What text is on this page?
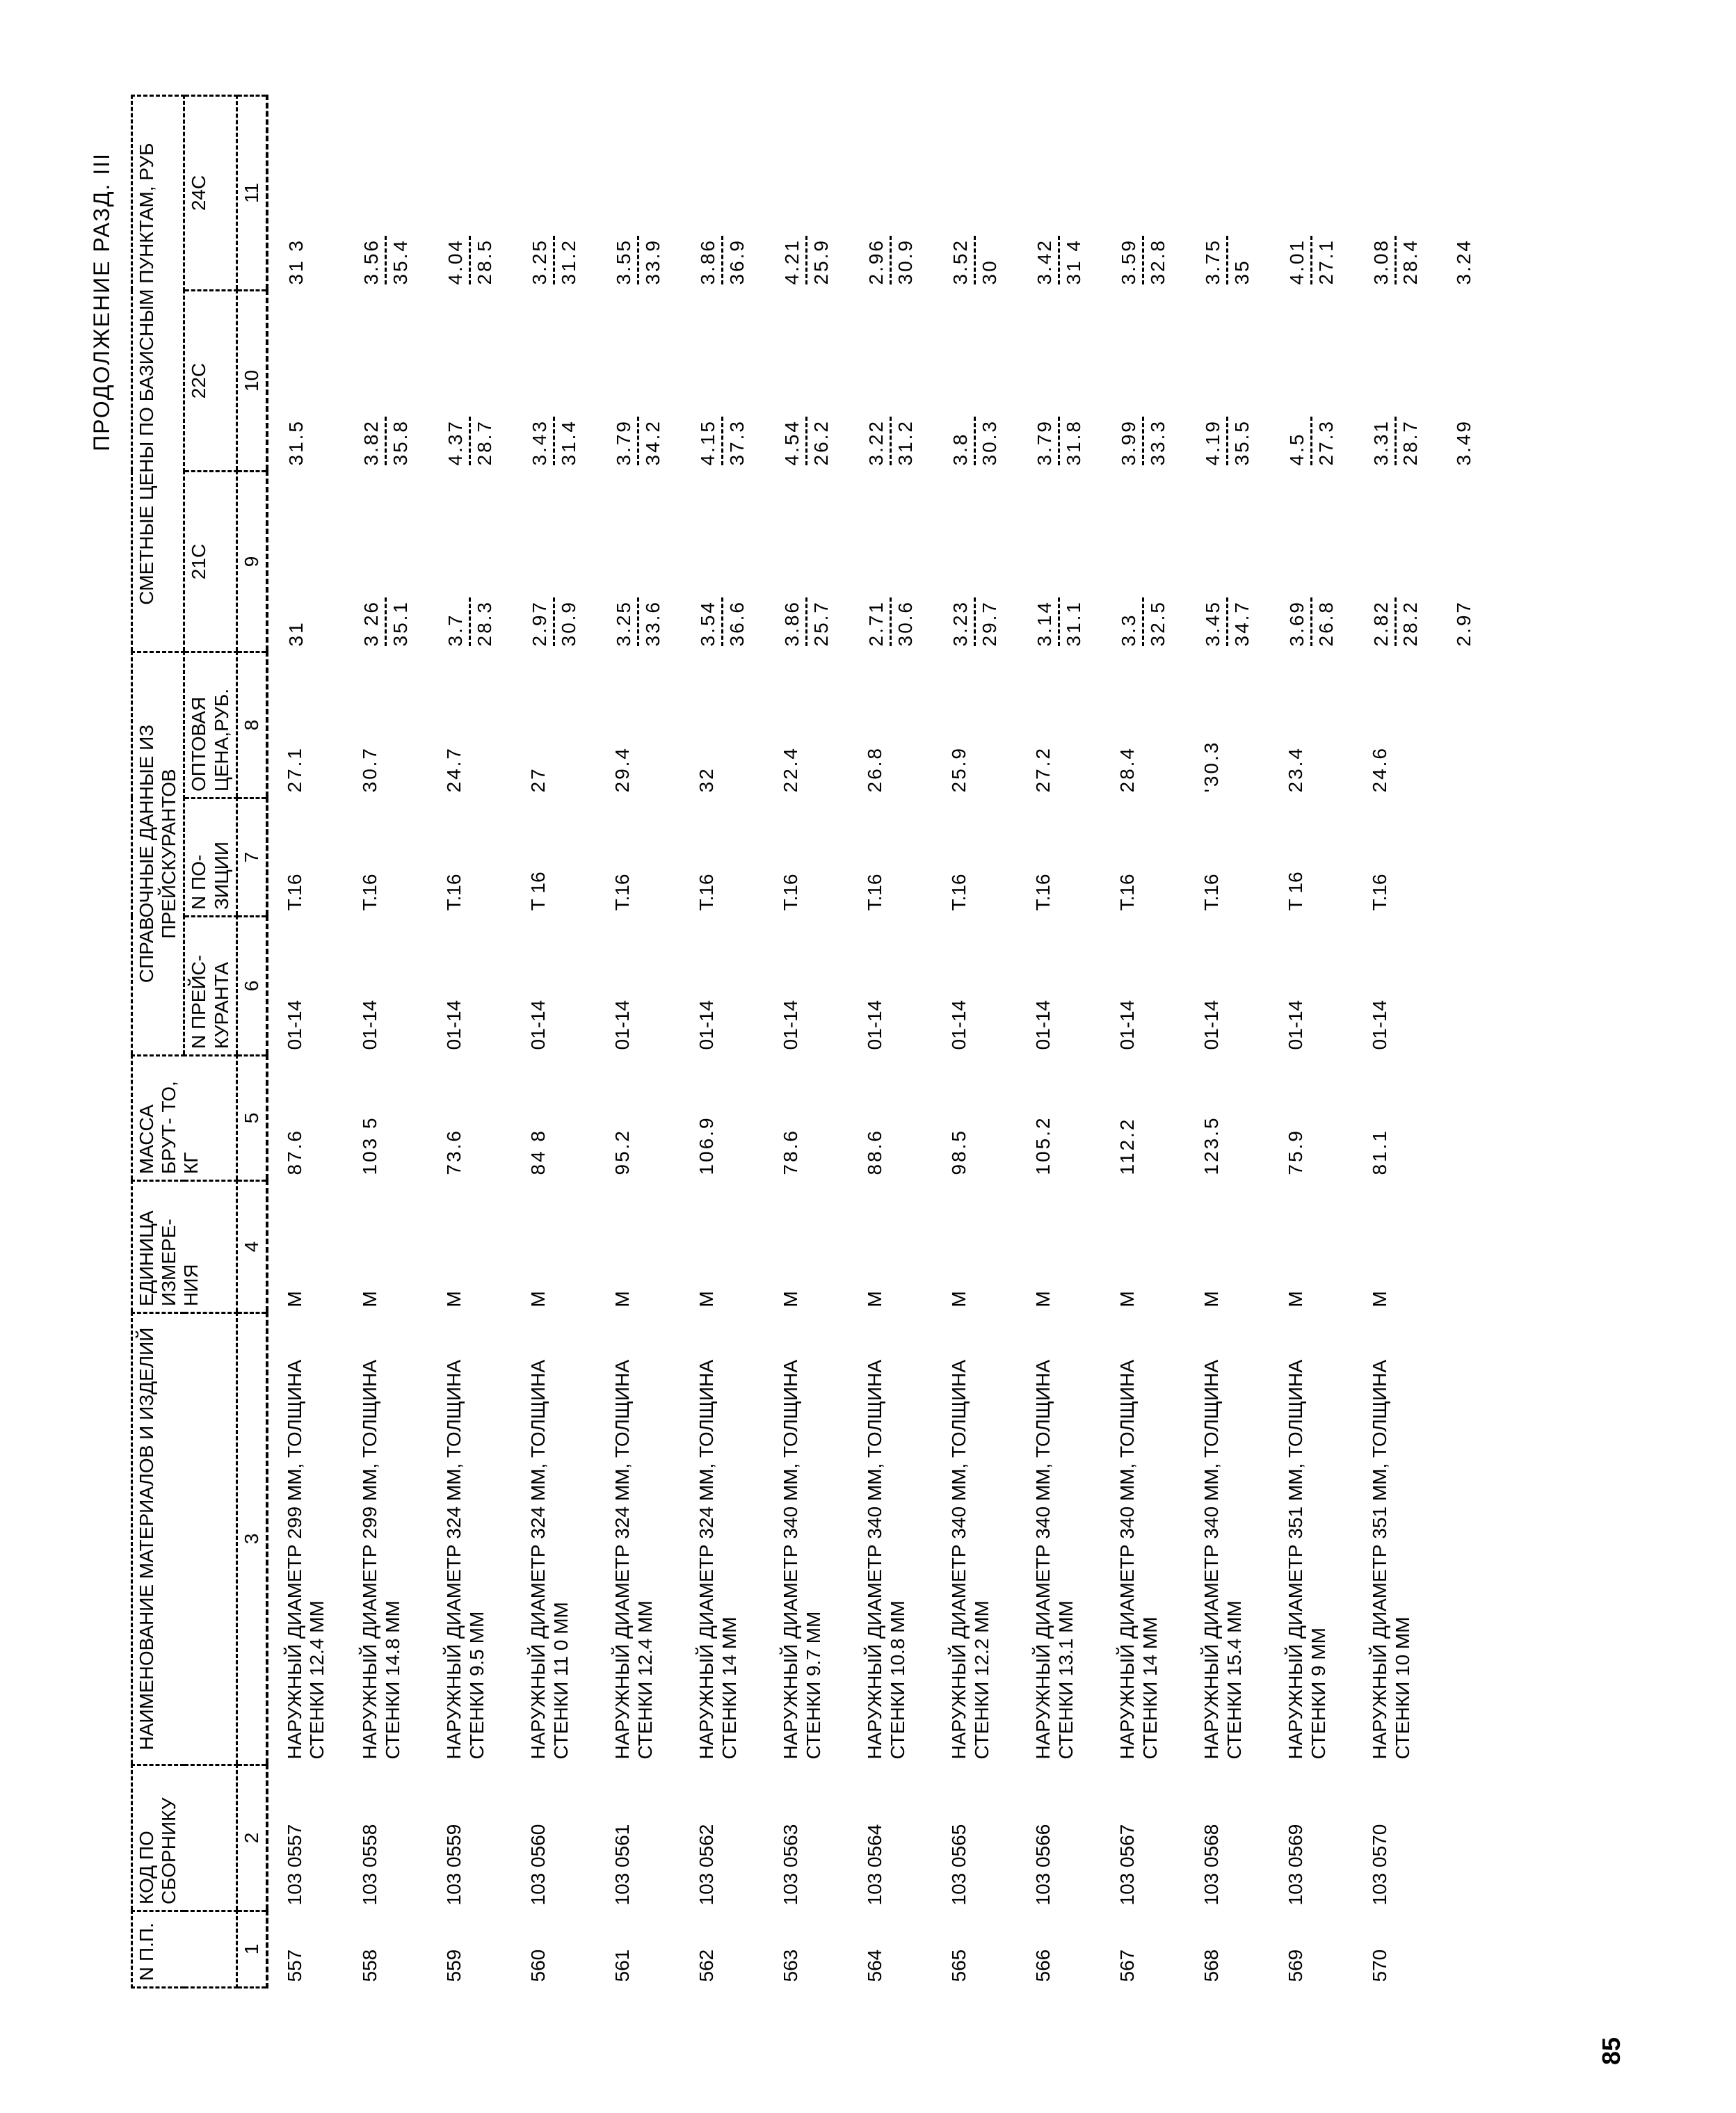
ПРОДОЛЖЕНИЕ РАЗД. III
N П.П.	КОД ПО СБОРНИКУ	НАИМЕНОВАНИЕ МАТЕРИАЛОВ И ИЗДЕЛИЙ	ЕДИНИЦА ИЗМЕРЕ- НИЯ	МАССА БРУТ- ТО, КГ	СПРАВОЧНЫЕ ДАННЫЕ ИЗ ПРЕЙСКУРАНТОВ			СМЕТНЫЕ ЦЕНЫ ПО БАЗИСНЫМ ПУНКТАМ, РУБ		
					N ПРЕЙС- КУРАНТА	N ПО- ЗИЦИИ	ОПТОВАЯ ЦЕНА,РУБ.	21С	22С	24С
1	2	3	4	5	6	7	8	9	10	11
557	103 0557	НАРУЖНЫЙ ДИАМЕТР 299 ММ, ТОЛЩИНА СТЕНКИ 12.4 ММ	М	87.6	01-14	Т.16	27.1	31	31.5	31 3

558	103 0558	НАРУЖНЫЙ ДИАМЕТР 299 ММ, ТОЛЩИНА СТЕНКИ 14.8 ММ	М	103 5	01-14	Т.16	30.7	3 26 35.1	3.82 35.8	3.56 35.4

559	103 0559	НАРУЖНЫЙ ДИАМЕТР 324 ММ, ТОЛЩИНА СТЕНКИ 9.5 ММ	М	73.6	01-14	Т.16	24.7	3.7 28.3	4.37 28.7	4.04 28.5

560	103 0560	НАРУЖНЫЙ ДИАМЕТР 324 ММ, ТОЛЩИНА СТЕНКИ 11 0 ММ	М	84 8	01-14	Т 16	27	2.97 30.9	3.43 31.4	3.25 31.2

561	103 0561	НАРУЖНЫЙ ДИАМЕТР 324 ММ, ТОЛЩИНА СТЕНКИ 12.4 ММ	М	95.2	01-14	Т.16	29.4	3.25 33.6	3.79 34.2	3.55 33.9

562	103 0562	НАРУЖНЫЙ ДИАМЕТР 324 ММ, ТОЛЩИНА СТЕНКИ 14 ММ	М	106.9	01-14	Т.16	32	3.54 36.6	4.15 37.3	3.86 36.9

563	103 0563	НАРУЖНЫЙ ДИАМЕТР 340 ММ, ТОЛЩИНА СТЕНКИ 9.7 ММ	М	78.6	01-14	Т.16	22.4	3.86 25.7	4.54 26.2	4.21 25.9

564	103 0564	НАРУЖНЫЙ ДИАМЕТР 340 ММ, ТОЛЩИНА СТЕНКИ 10.8 ММ	М	88.6	01-14	Т.16	26.8	2.71 30.6	3.22 31.2	2.96 30.9

565	103 0565	НАРУЖНЫЙ ДИАМЕТР 340 ММ, ТОЛЩИНА СТЕНКИ 12.2 ММ	М	98.5	01-14	Т.16	25.9	3.23 29.7	3.8 30.3	3.52 30

566	103 0566	НАРУЖНЫЙ ДИАМЕТР 340 ММ, ТОЛЩИНА СТЕНКИ 13.1 ММ	М	105.2	01-14	Т.16	27.2	3.14 31.1	3.79 31.8	3.42 31 4

567	103 0567	НАРУЖНЫЙ ДИАМЕТР 340 ММ, ТОЛЩИНА СТЕНКИ 14 ММ	М	112.2	01-14	Т.16	28.4	3.3 32.5	3.99 33.3	3.59 32.8

568	103 0568	НАРУЖНЫЙ ДИАМЕТР 340 ММ, ТОЛЩИНА СТЕНКИ 15.4 ММ	М	123.5	01-14	Т.16	'30.3	3.45 34.7	4.19 35.5	3.75 35

569	103 0569	НАРУЖНЫЙ ДИАМЕТР 351 ММ, ТОЛЩИНА СТЕНКИ 9 ММ	М	75.9	01-14	Т 16	23.4	3.69 26.8	4.5 27.3	4.01 27.1

570	103 0570	НАРУЖНЫЙ ДИАМЕТР 351 ММ, ТОЛЩИНА СТЕНКИ 10 ММ	М	81.1	01-14	Т.16	24.6	2.82 28.2	3.31 28.7	3.08 28.4

								2.97	3.49	3.24
85
